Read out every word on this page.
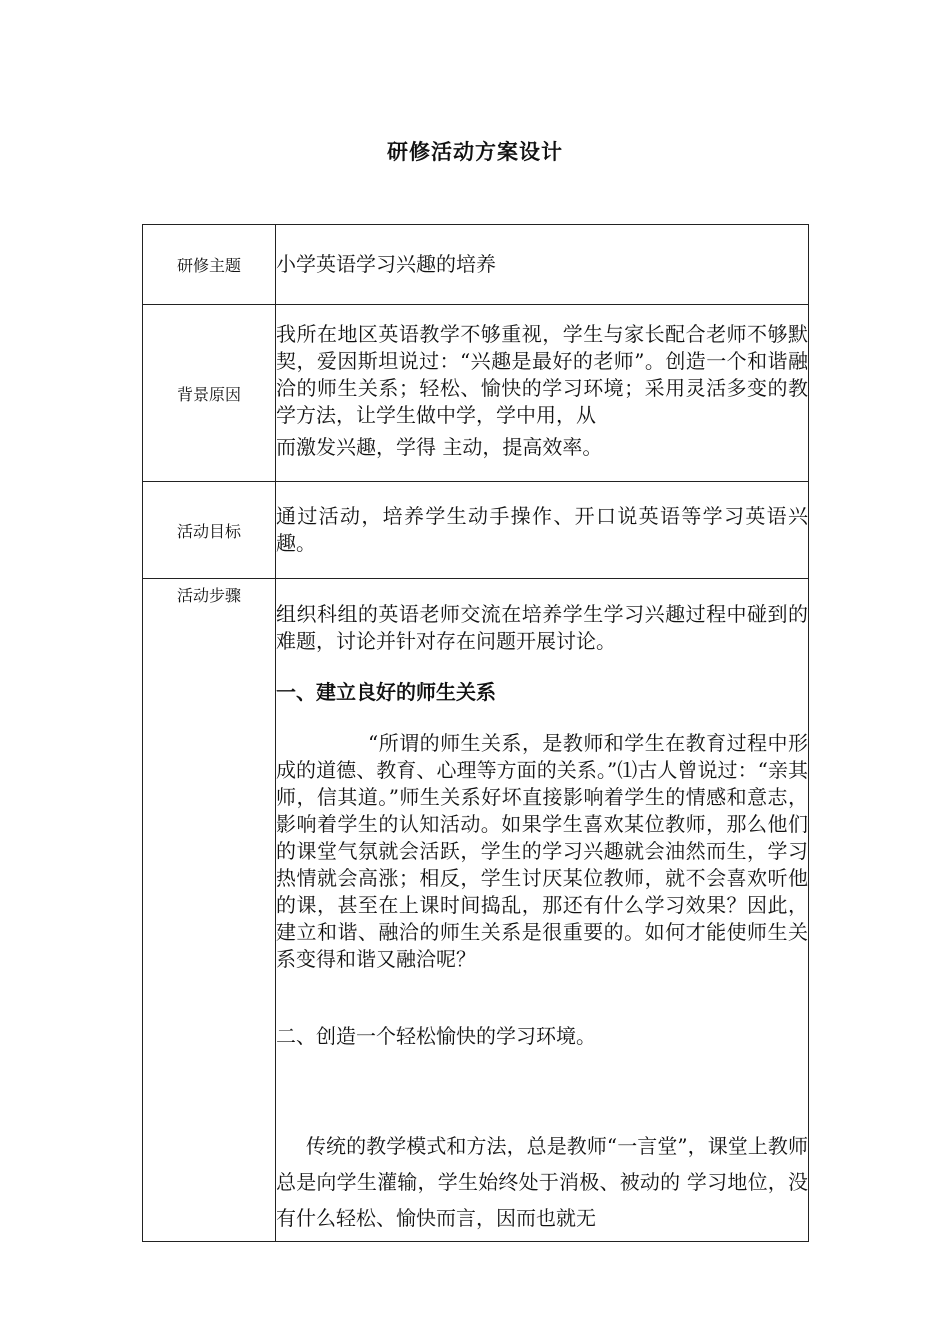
研修活动方案设计
研修主题	小学英语学习兴趣的培养
背景原因	我所在地区英语教学不够重视，学生与家长配合老师不够默契，爱因斯坦说过：“兴趣是最好的老师”。创造一个和谐融洽的师生关系；轻松、愉快的学习环境；采用灵活多变的教学方法，让学生做中学，学中用，从

而激发兴趣，学得 主动，提高效率。

活动目标	通过活动，培养学生动手操作、开口说英语等学习英语兴趣。
活动步骤	组织科组的英语老师交流在培养学生学习兴趣过程中碰到的难题，讨论并针对存在问题开展讨论。

一、建立良好的师生关系

“所谓的师生关系，是教师和学生在教育过程中形成的道德、教育、心理等方面的关系。”⑴古人曾说过：“亲其师，信其道。”师生关系好坏直接影响着学生的情感和意志，影响着学生的认知活动。如果学生喜欢某位教师，那么他们的课堂气氛就会活跃，学生的学习兴趣就会油然而生，学习热情就会高涨；相反，学生讨厌某位教师，就不会喜欢听他的课，甚至在上课时间捣乱，那还有什么学习效果？因此，建立和谐、融洽的师生关系是很重要的。如何才能使师生关系变得和谐又融洽呢？

二、创造一个轻松愉快的学习环境。

传统的教学模式和方法，总是教师“一言堂”，课堂上教师总是向学生灌输，学生始终处于消极、被动的 学习地位，没有什么轻松、愉快而言，因而也就无
